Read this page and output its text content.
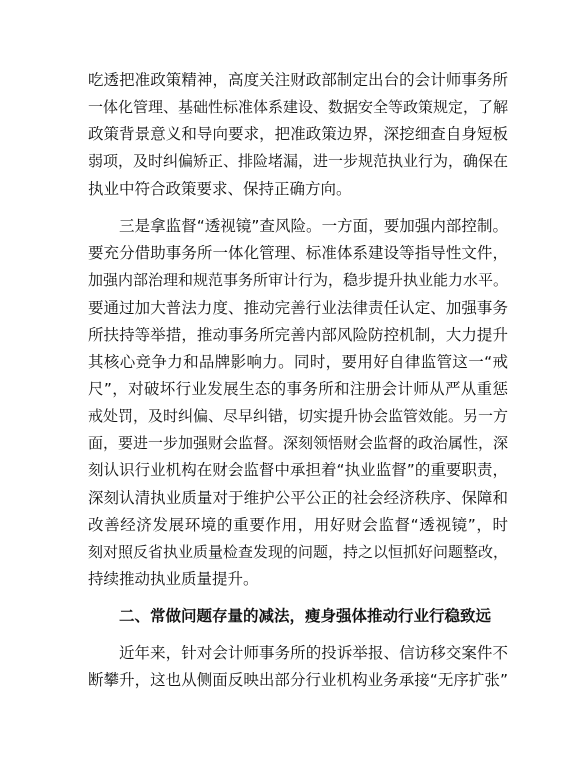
吃透把准政策精神，高度关注财政部制定出台的会计师事务所
一体化管理、基础性标准体系建设、数据安全等政策规定，了解
政策背景意义和导向要求，把准政策边界，深挖细查自身短板
弱项，及时纠偏矫正、排险堵漏，进一步规范执业行为，确保在
执业中符合政策要求、保持正确方向。
三是拿监督“透视镜”查风险。一方面，要加强内部控制。
要充分借助事务所一体化管理、标准体系建设等指导性文件，
加强内部治理和规范事务所审计行为，稳步提升执业能力水平。
要通过加大普法力度、推动完善行业法律责任认定、加强事务
所扶持等举措，推动事务所完善内部风险防控机制，大力提升
其核心竞争力和品牌影响力。同时，要用好自律监管这一“戒
尺”，对破坏行业发展生态的事务所和注册会计师从严从重惩
戒处罚，及时纠偏、尽早纠错，切实提升协会监管效能。另一方
面，要进一步加强财会监督。深刻领悟财会监督的政治属性，深
刻认识行业机构在财会监督中承担着“执业监督”的重要职责，
深刻认清执业质量对于维护公平公正的社会经济秩序、保障和
改善经济发展环境的重要作用，用好财会监督“透视镜”，时
刻对照反省执业质量检查发现的问题，持之以恒抓好问题整改，
持续推动执业质量提升。
二、常做问题存量的减法，瘦身强体推动行业行稳致远
近年来，针对会计师事务所的投诉举报、信访移交案件不
断攀升，这也从侧面反映出部分行业机构业务承接“无序扩张”
